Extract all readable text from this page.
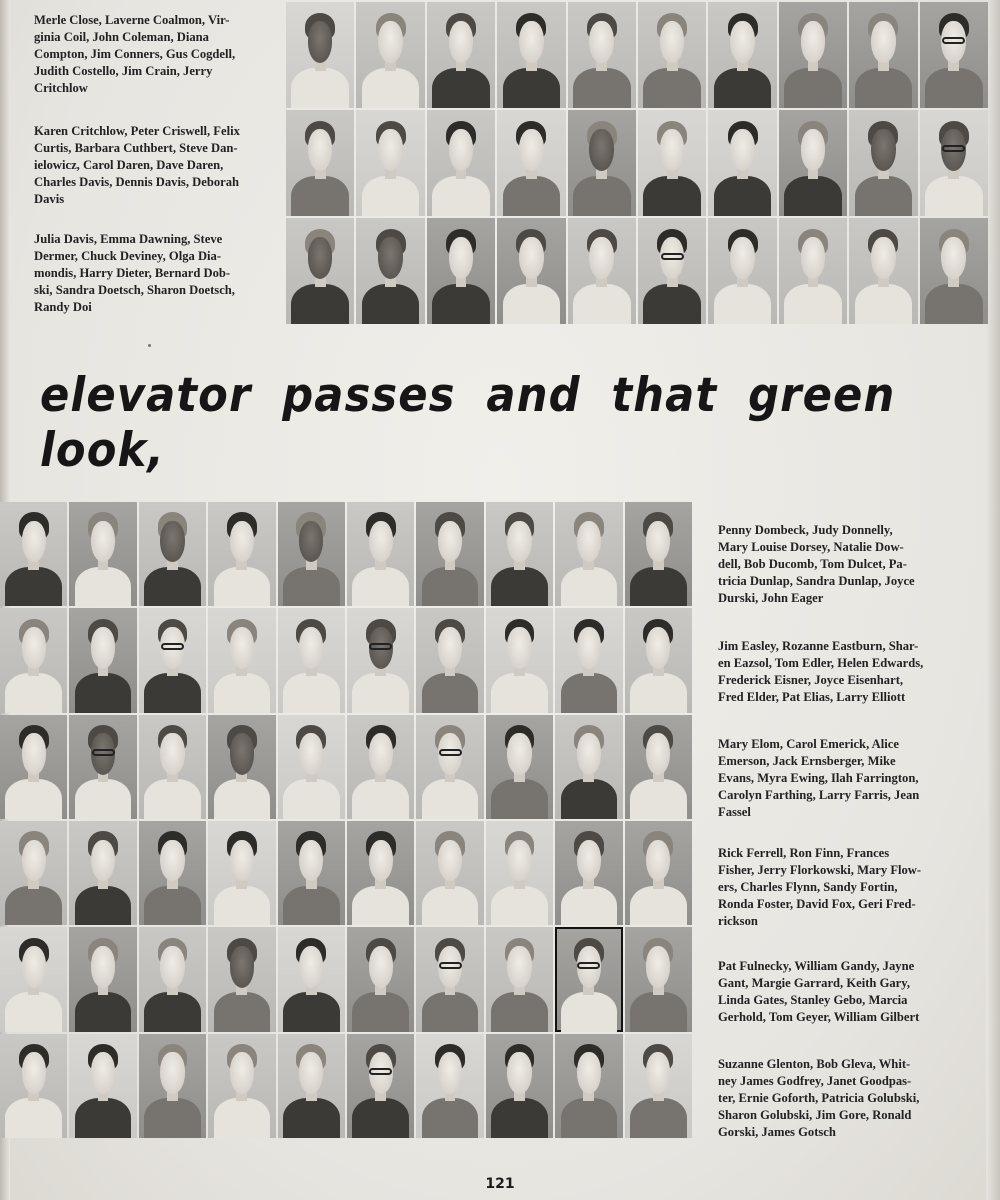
Merle Close, Laverne Coalmon, Vir-
ginia Coil, John Coleman, Diana
Compton, Jim Conners, Gus Cogdell,
Judith Costello, Jim Crain, Jerry
Critchlow

Karen Critchlow, Peter Criswell, Felix
Curtis, Barbara Cuthbert, Steve Dan-
ielowicz, Carol Daren, Dave Daren,
Charles Davis, Dennis Davis, Deborah
Davis

Julia Davis, Emma Dawning, Steve
Dermer, Chuck Deviney, Olga Dia-
mondis, Harry Dieter, Bernard Dob-
ski, Sandra Doetsch, Sharon Doetsch,
Randy Doi

elevator passes and that green look,

Penny Dombeck, Judy Donnelly,
Mary Louise Dorsey, Natalie Dow-
dell, Bob Ducomb, Tom Dulcet, Pa-
tricia Dunlap, Sandra Dunlap, Joyce
Durski, John Eager

Jim Easley, Rozanne Eastburn, Shar-
en Eazsol, Tom Edler, Helen Edwards,
Frederick Eisner, Joyce Eisenhart,
Fred Elder, Pat Elias, Larry Elliott

Mary Elom, Carol Emerick, Alice
Emerson, Jack Ernsberger, Mike
Evans, Myra Ewing, Ilah Farrington,
Carolyn Farthing, Larry Farris, Jean
Fassel

Rick Ferrell, Ron Finn, Frances
Fisher, Jerry Florkowski, Mary Flow-
ers, Charles Flynn, Sandy Fortin,
Ronda Foster, David Fox, Geri Fred-
rickson

Pat Fulnecky, William Gandy, Jayne
Gant, Margie Garrard, Keith Gary,
Linda Gates, Stanley Gebo, Marcia
Gerhold, Tom Geyer, William Gilbert

Suzanne Glenton, Bob Gleva, Whit-
ney James Godfrey, Janet Goodpas-
ter, Ernie Goforth, Patricia Golubski,
Sharon Golubski, Jim Gore, Ronald
Gorski, James Gotsch

121
